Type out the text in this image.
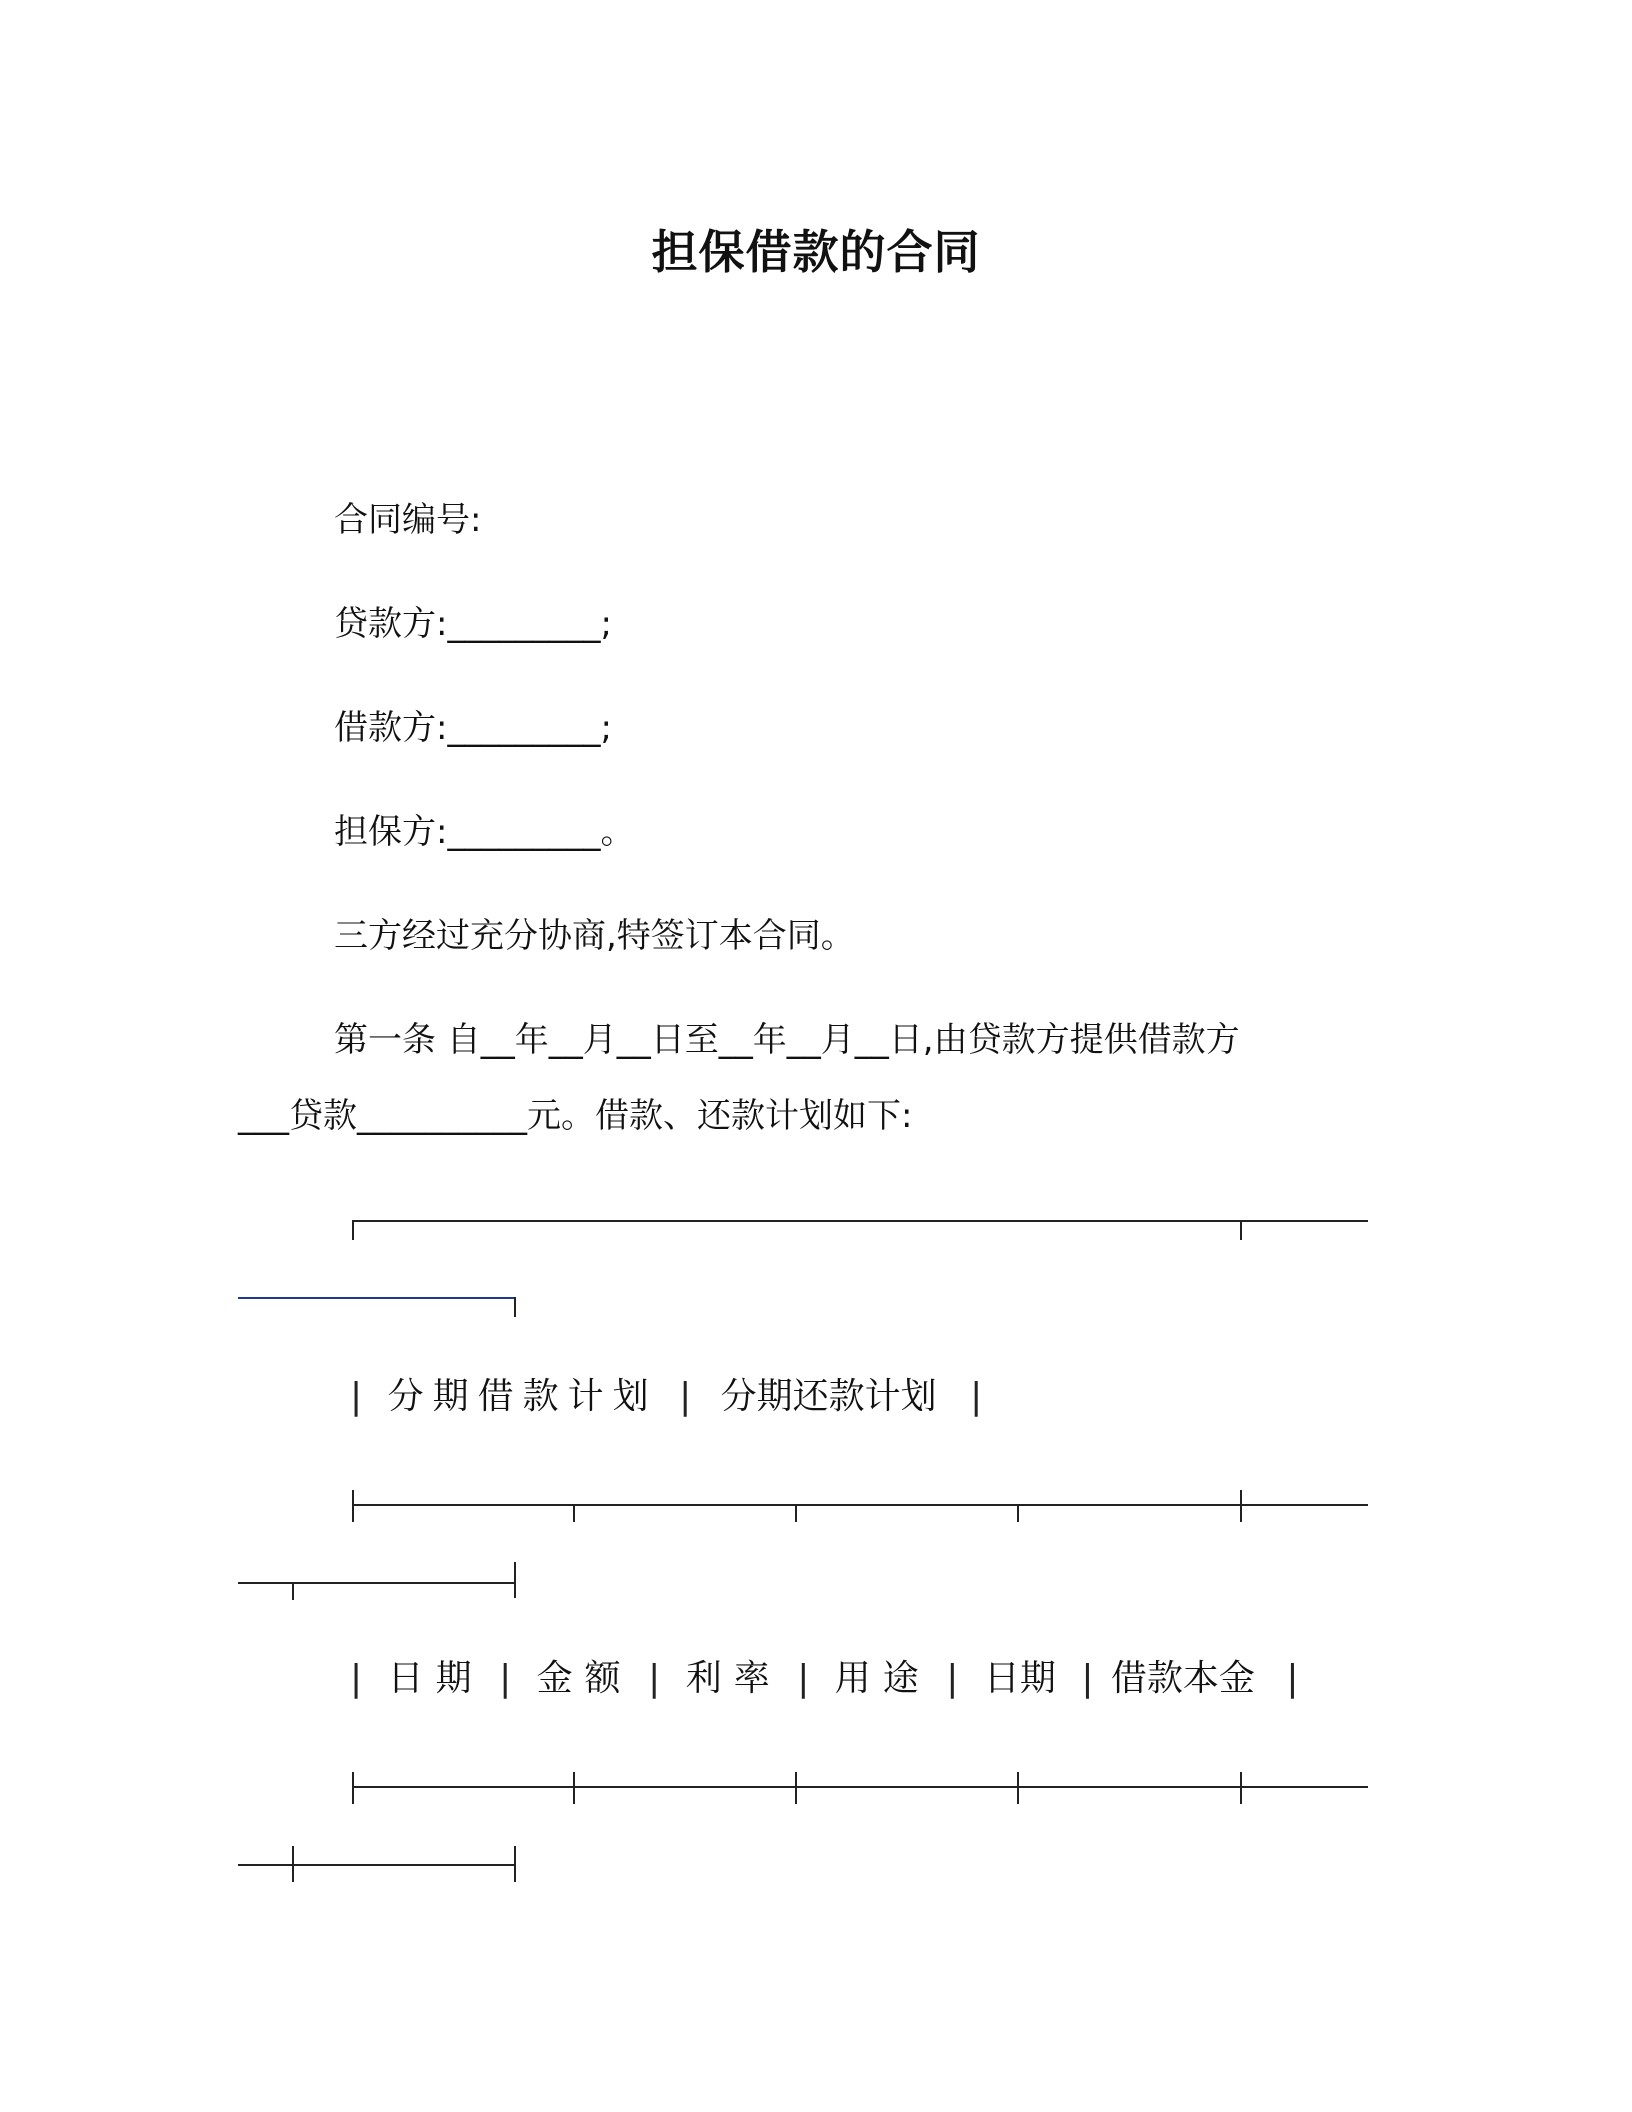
担保借款的合同
合同编号:
贷款方:_________;
借款方:_________;
担保方:_________。
三方经过充分协商,特签订本合同。
第一条 自__年__月__日至__年__月__日,由贷款方提供借款方
___贷款__________元。借款、还款计划如下:
| 分期借款计划 | 分期还款计划 |
| 日期 | 金额 | 利率 | 用途 | 日期 | 借款本金 |
